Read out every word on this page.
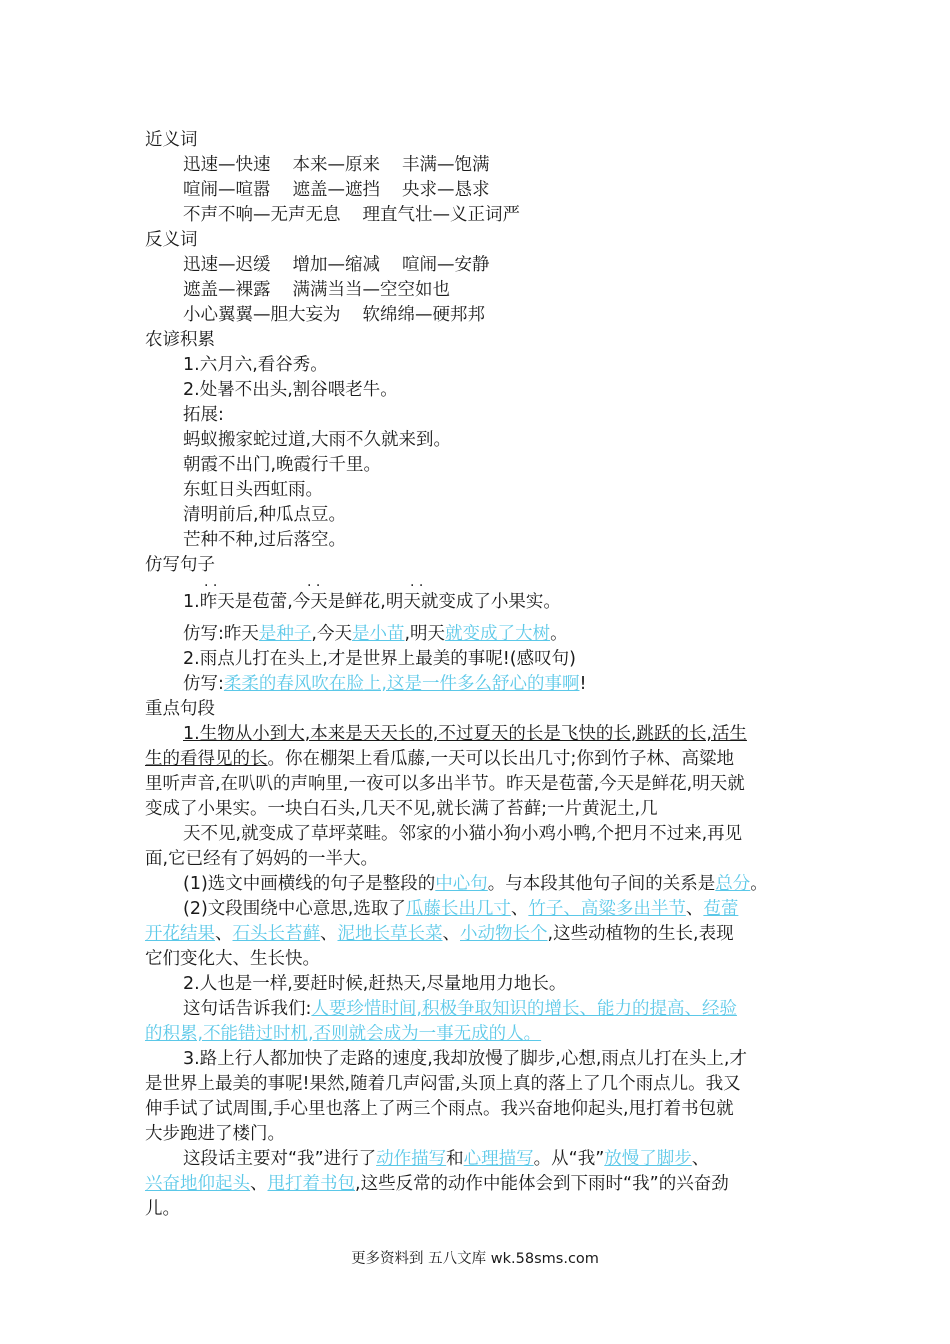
近义词
迅速—快速 本来—原来 丰满—饱满
喧闹—喧嚣 遮盖—遮挡 央求—恳求
不声不响—无声无息 理直气壮—义正词严
反义词
迅速—迟缓 增加—缩减 喧闹—安静
遮盖—裸露 满满当当—空空如也
小心翼翼—胆大妄为 软绵绵—硬邦邦
农谚积累
1.六月六,看谷秀。
2.处暑不出头,割谷喂老牛。
拓展:
蚂蚁搬家蛇过道,大雨不久就来到。
朝霞不出门,晚霞行千里。
东虹日头西虹雨。
清明前后,种瓜点豆。
芒种不种,过后落空。
仿写句子
· ·	· ·	· ·
1.昨天是苞蕾,今天是鲜花,明天就变成了小果实。
仿写:昨天是种子,今天是小苗,明天就变成了大树。
2.雨点儿打在头上,才是世界上最美的事呢!(感叹句)
仿写:柔柔的春风吹在脸上,这是一件多么舒心的事啊!
重点句段
1.生物从小到大,本来是天天长的,不过夏天的长是飞快的长,跳跃的长,活生
生的看得见的长。你在棚架上看瓜藤,一天可以长出几寸;你到竹子林、高粱地
里听声音,在叭叭的声响里,一夜可以多出半节。昨天是苞蕾,今天是鲜花,明天就
变成了小果实。一块白石头,几天不见,就长满了苔藓;一片黄泥土,几
天不见,就变成了草坪菜畦。邻家的小猫小狗小鸡小鸭,个把月不过来,再见
面,它已经有了妈妈的一半大。
(1)选文中画横线的句子是整段的中心句。与本段其他句子间的关系是总分。
(2)文段围绕中心意思,选取了瓜藤长出几寸、竹子、高粱多出半节、苞蕾
开花结果、石头长苔藓、泥地长草长菜、小动物长个,这些动植物的生长,表现
它们变化大、生长快。
2.人也是一样,要赶时候,赶热天,尽量地用力地长。
这句话告诉我们:人要珍惜时间,积极争取知识的增长、能力的提高、经验
的积累,不能错过时机,否则就会成为一事无成的人。
3.路上行人都加快了走路的速度,我却放慢了脚步,心想,雨点儿打在头上,才
是世界上最美的事呢!果然,随着几声闷雷,头顶上真的落上了几个雨点儿。我又
伸手试了试周围,手心里也落上了两三个雨点。我兴奋地仰起头,甩打着书包就
大步跑进了楼门。
这段话主要对“我”进行了动作描写和心理描写。从“我”放慢了脚步、
兴奋地仰起头、甩打着书包,这些反常的动作中能体会到下雨时“我”的兴奋劲
儿。
更多资料到 五八文库 wk.58sms.com
